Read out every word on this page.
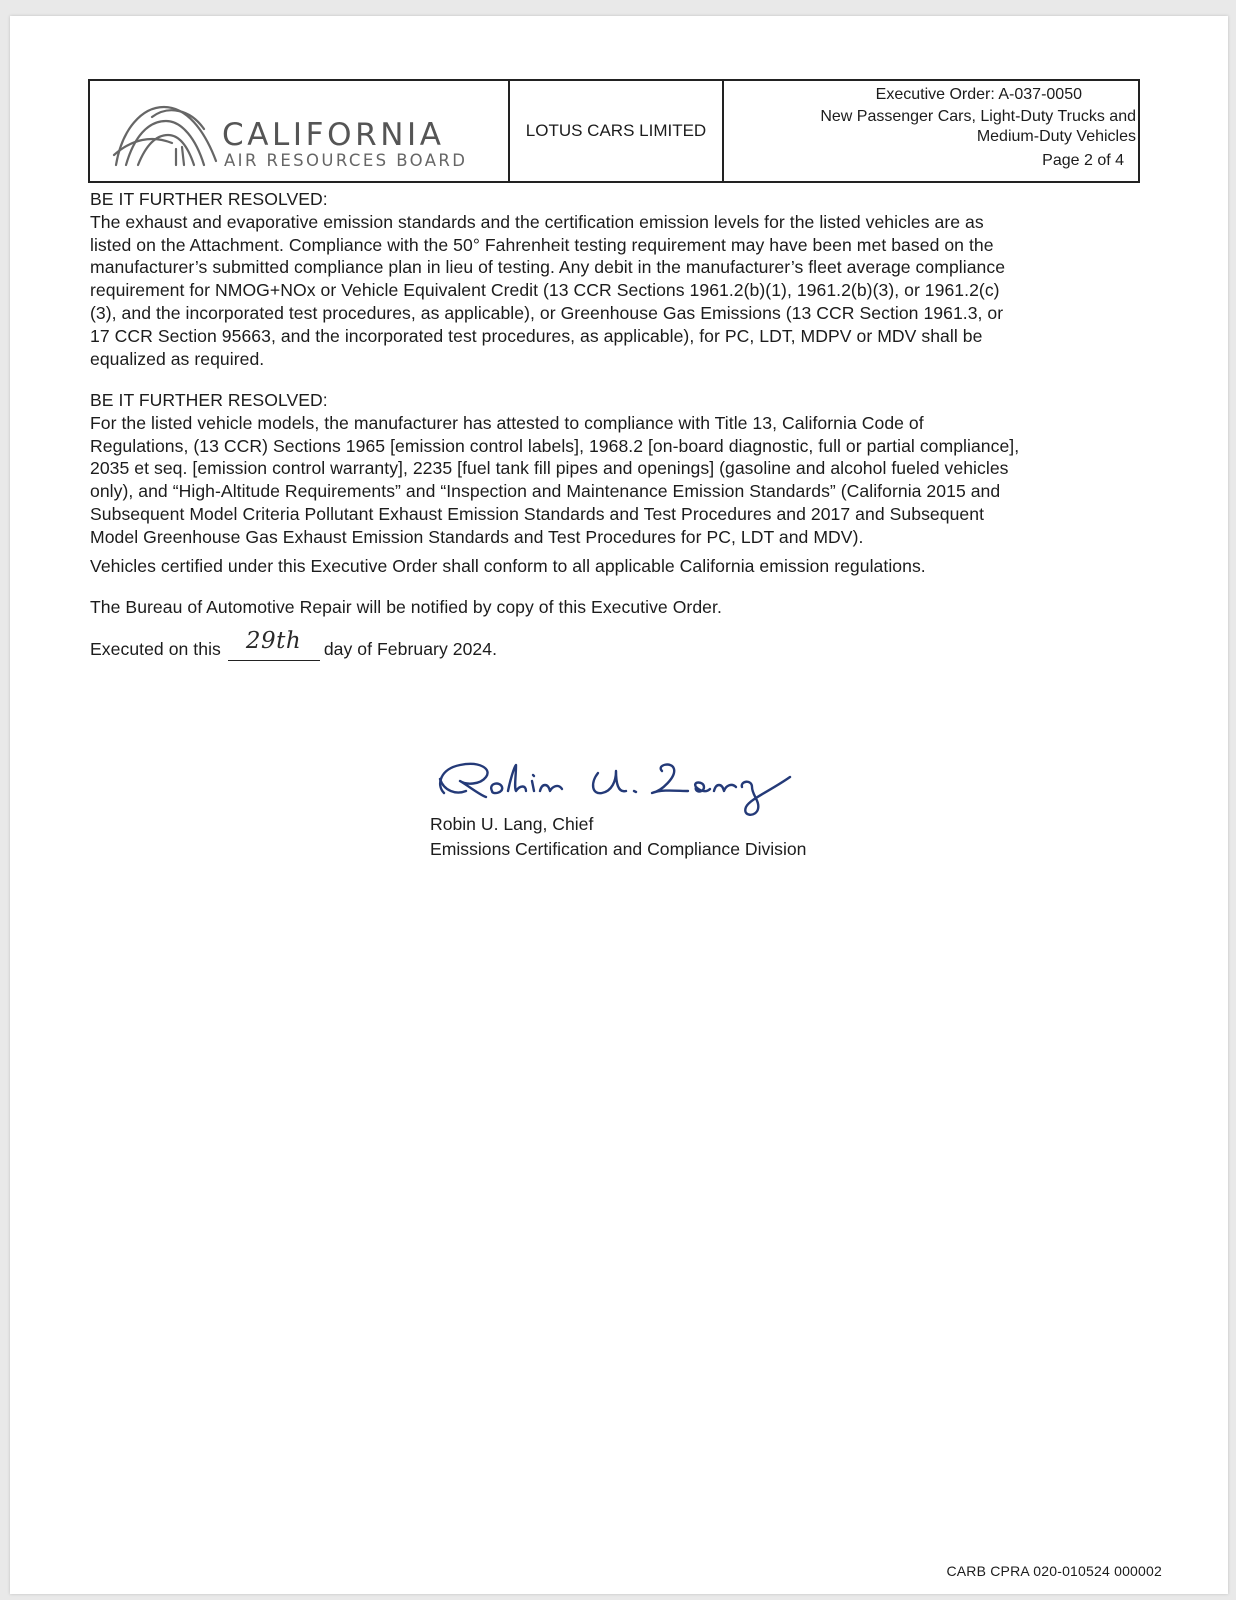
CALIFORNIA
AIR RESOURCES BOARD
LOTUS CARS LIMITED
Executive Order: A-037-0050
New Passenger Cars, Light-Duty Trucks and
Medium-Duty Vehicles
Page 2 of 4
BE IT FURTHER RESOLVED:
The exhaust and evaporative emission standards and the certification emission levels for the listed vehicles are as
listed on the Attachment. Compliance with the 50° Fahrenheit testing requirement may have been met based on the
manufacturer’s submitted compliance plan in lieu of testing. Any debit in the manufacturer’s fleet average compliance
requirement for NMOG+NOx or Vehicle Equivalent Credit (13 CCR Sections 1961.2(b)(1), 1961.2(b)(3), or 1961.2(c)
(3), and the incorporated test procedures, as applicable), or Greenhouse Gas Emissions (13 CCR Section 1961.3, or
17 CCR Section 95663, and the incorporated test procedures, as applicable), for PC, LDT, MDPV or MDV shall be
equalized as required.
BE IT FURTHER RESOLVED:
For the listed vehicle models, the manufacturer has attested to compliance with Title 13, California Code of
Regulations, (13 CCR) Sections 1965 [emission control labels], 1968.2 [on-board diagnostic, full or partial compliance],
2035 et seq. [emission control warranty], 2235 [fuel tank fill pipes and openings] (gasoline and alcohol fueled vehicles
only), and “High-Altitude Requirements” and “Inspection and Maintenance Emission Standards” (California 2015 and
Subsequent Model Criteria Pollutant Exhaust Emission Standards and Test Procedures and 2017 and Subsequent
Model Greenhouse Gas Exhaust Emission Standards and Test Procedures for PC, LDT and MDV).
Vehicles certified under this Executive Order shall conform to all applicable California emission regulations.
The Bureau of Automotive Repair will be notified by copy of this Executive Order.
Executed on this 29th day of February 2024.
Robin U. Lang, Chief
Emissions Certification and Compliance Division
CARB CPRA 020-010524 000002
